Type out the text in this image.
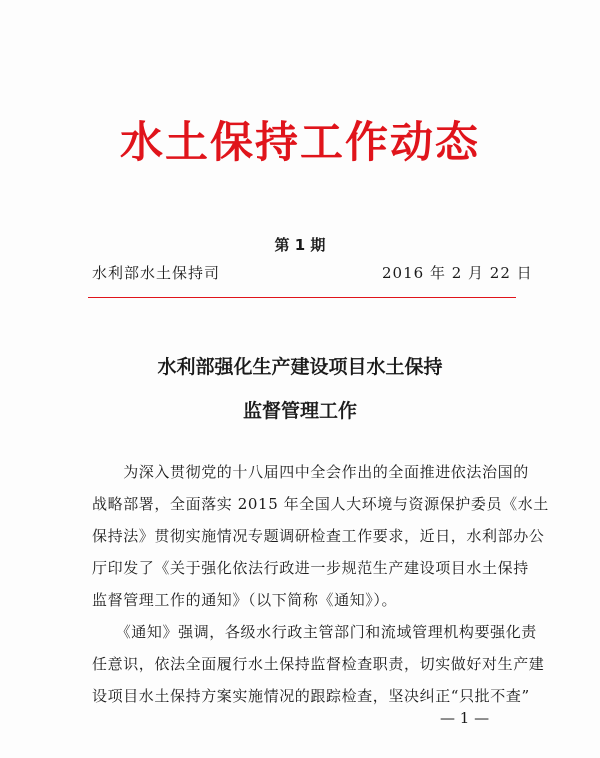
水土保持工作动态
第 1 期
水利部水土保持司	2016 年 2 月 22 日
水利部强化生产建设项目水土保持
监督管理工作
　　为深入贯彻党的十八届四中全会作出的全面推进依法治国的
战略部署，全面落实 2015 年全国人大环境与资源保护委员《水土
保持法》贯彻实施情况专题调研检查工作要求，近日，水利部办公
厅印发了《关于强化依法行政进一步规范生产建设项目水土保持
监督管理工作的通知》（以下简称《通知》）。
　　《通知》强调，各级水行政主管部门和流域管理机构要强化责
任意识，依法全面履行水土保持监督检查职责，切实做好对生产建
设项目水土保持方案实施情况的跟踪检查，坚决纠正“只批不查”
— 1 —
